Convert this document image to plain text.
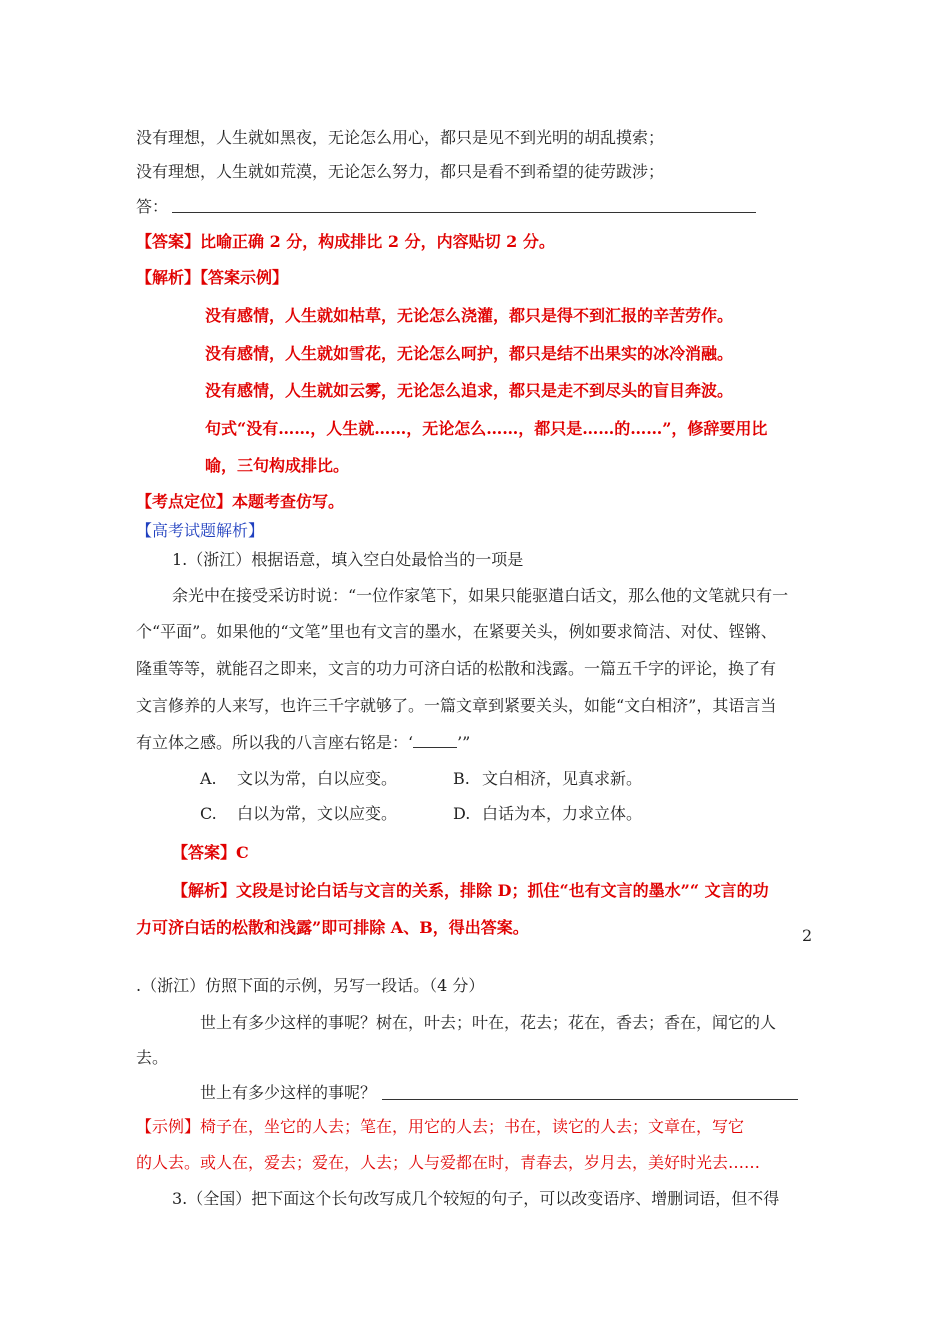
没有理想，人生就如黑夜，无论怎么用心，都只是见不到光明的胡乱摸索；
没有理想，人生就如荒漠，无论怎么努力，都只是看不到希望的徒劳跋涉；
答：
【答案】比喻正确 2 分，构成排比 2 分，内容贴切 2 分。
【解析】【答案示例】
没有感情，人生就如枯草，无论怎么浇灌，都只是得不到汇报的辛苦劳作。
没有感情，人生就如雪花，无论怎么呵护，都只是结不出果实的冰冷消融。
没有感情，人生就如云雾，无论怎么追求，都只是走不到尽头的盲目奔波。
句式“没有……，人生就……，无论怎么……，都只是……的……”，修辞要用比
喻，三句构成排比。
【考点定位】本题考查仿写。
【高考试题解析】
1.（浙江）根据语意，填入空白处最恰当的一项是
余光中在接受采访时说：“一位作家笔下，如果只能驱遣白话文，那么他的文笔就只有一
个“平面”。如果他的“文笔”里也有文言的墨水，在紧要关头，例如要求简洁、对仗、铿锵、
隆重等等，就能召之即来，文言的功力可济白话的松散和浅露。一篇五千字的评论，换了有
文言修养的人来写，也许三千字就够了。一篇文章到紧要关头，如能“文白相济”，其语言当
有立体之感。所以我的八言座右铭是：‘	’”
A. 文以为常，白以应变。	B. 文白相济，见真求新。
C. 白以为常，文以应变。	D. 白话为本，力求立体。
【答案】C
【解析】文段是讨论白话与文言的关系，排除 D；抓住“也有文言的墨水”“ 文言的功
力可济白话的松散和浅露”即可排除 A、B，得出答案。	2
.（浙江）仿照下面的示例，另写一段话。（4 分）
世上有多少这样的事呢？树在，叶去；叶在，花去；花在，香去；香在，闻它的人
去。
世上有多少这样的事呢？
【示例】椅子在，坐它的人去；笔在，用它的人去；书在，读它的人去；文章在，写它
的人去。或人在，爱去；爱在，人去；人与爱都在时，青春去，岁月去，美好时光去……
3.（全国）把下面这个长句改写成几个较短的句子，可以改变语序、增删词语，但不得
